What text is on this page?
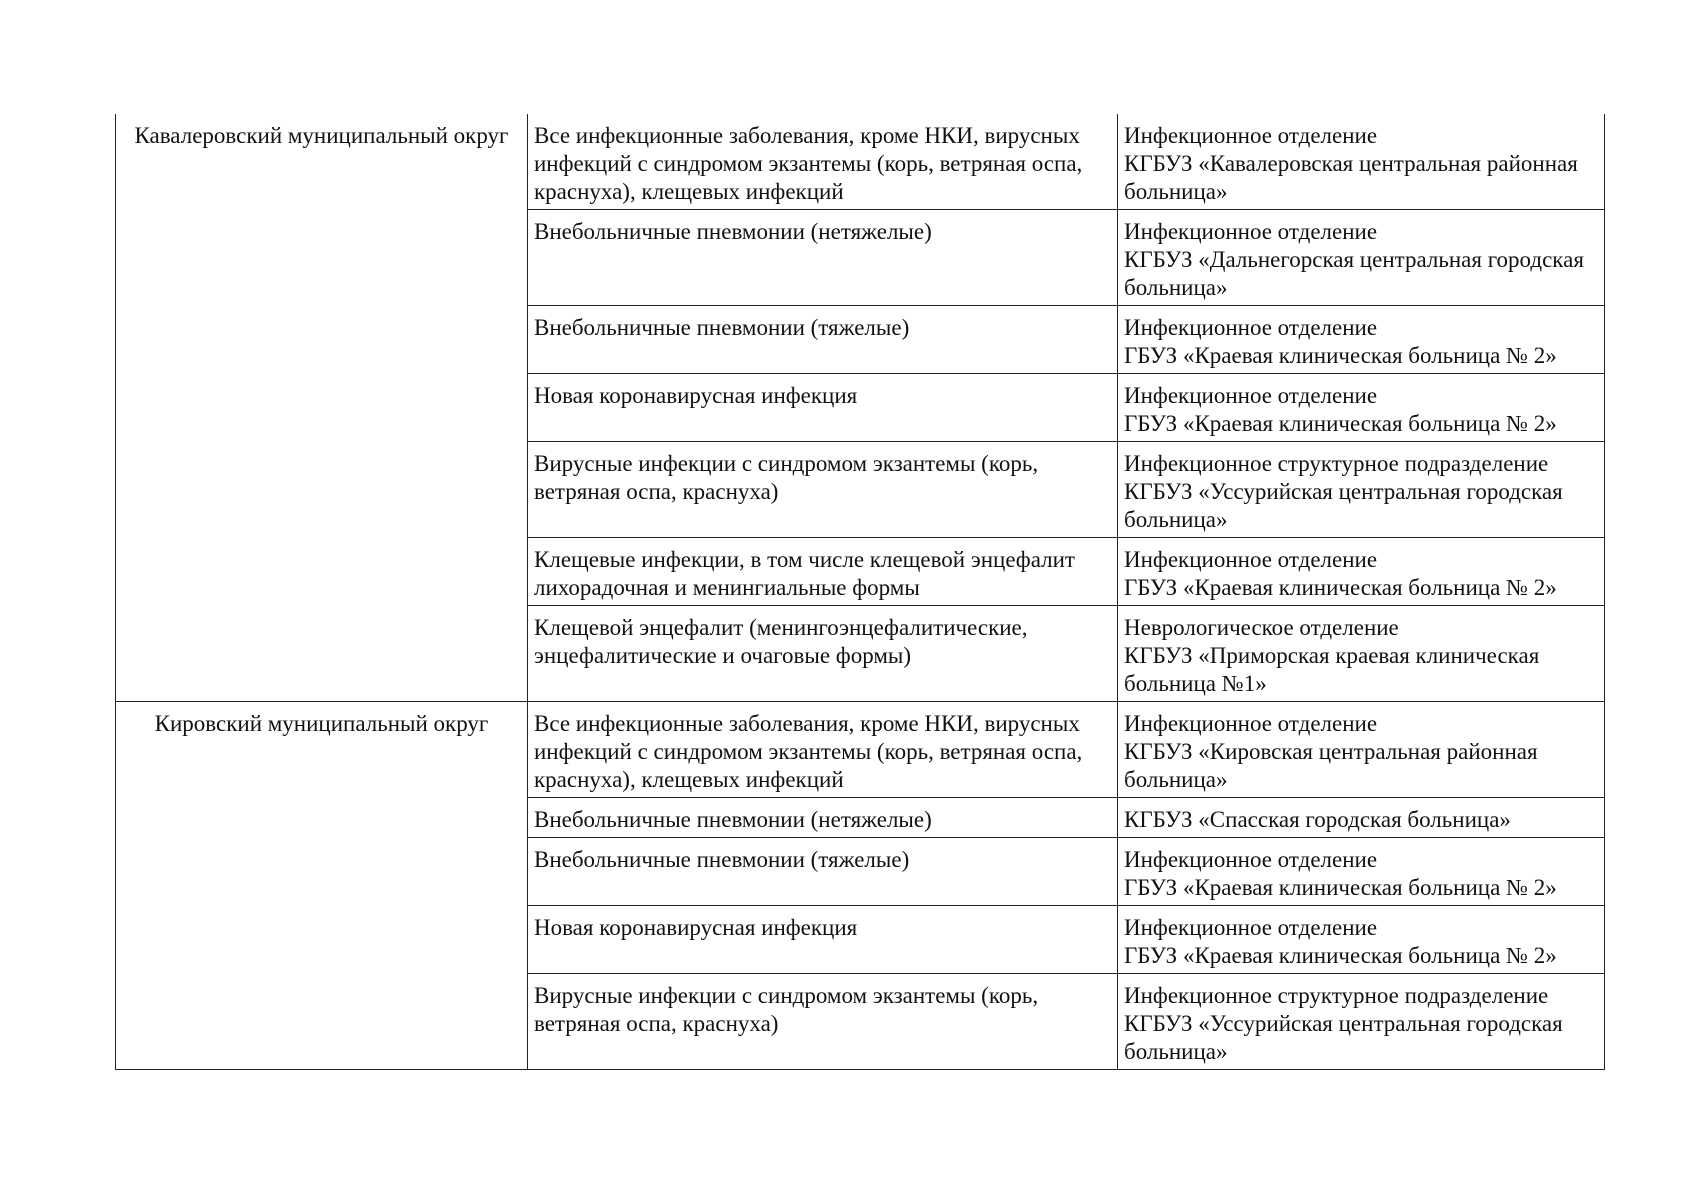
Кавалеровский муниципальный округ	Все инфекционные заболевания, кроме НКИ, вирусных инфекций с синдромом экзантемы (корь, ветряная оспа, краснуха), клещевых инфекций	Инфекционное отделение
КГБУЗ «Кавалеровская центральная районная больница»

	Внебольничные пневмонии (нетяжелые)	Инфекционное отделение
КГБУЗ «Дальнегорская центральная городская больница»

	Внебольничные пневмонии (тяжелые)	Инфекционное отделение
ГБУЗ «Краевая клиническая больница № 2»

	Новая коронавирусная инфекция	Инфекционное отделение
ГБУЗ «Краевая клиническая больница № 2»

	Вирусные инфекции с синдромом экзантемы (корь, ветряная оспа, краснуха)	Инфекционное структурное подразделение
КГБУЗ «Уссурийская центральная городская больница»

	Клещевые инфекции, в том числе клещевой энцефалит лихорадочная и менингиальные формы	Инфекционное отделение
ГБУЗ «Краевая клиническая больница № 2»

	Клещевой энцефалит (менингоэнцефалитические, энцефалитические и очаговые формы)	Неврологическое отделение
КГБУЗ «Приморская краевая клиническая больница №1»

Кировский муниципальный округ	Все инфекционные заболевания, кроме НКИ, вирусных инфекций с синдромом экзантемы (корь, ветряная оспа, краснуха), клещевых инфекций	Инфекционное отделение
КГБУЗ «Кировская центральная районная больница»

	Внебольничные пневмонии (нетяжелые)	КГБУЗ «Спасская городская больница»

	Внебольничные пневмонии (тяжелые)	Инфекционное отделение
ГБУЗ «Краевая клиническая больница № 2»

	Новая коронавирусная инфекция	Инфекционное отделение
ГБУЗ «Краевая клиническая больница № 2»

	Вирусные инфекции с синдромом экзантемы (корь, ветряная оспа, краснуха)	Инфекционное структурное подразделение
КГБУЗ «Уссурийская центральная городская больница»
